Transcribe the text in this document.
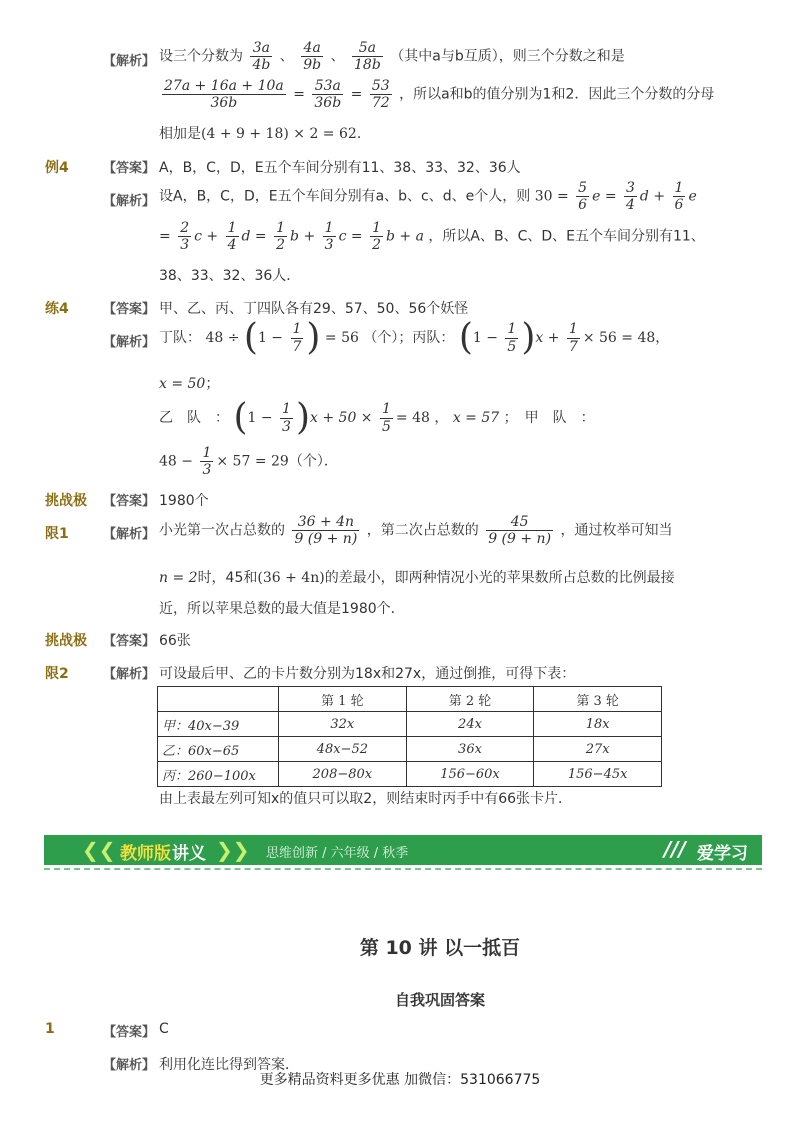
【解析】 设三个分数为 $\frac{3a}{4b}$ 、 $\frac{4a}{9b}$ 、 $\frac{5a}{18b}$ （其中a与b互质），则三个分数之和是
$\frac{27a + 16a + 10a}{36b} = \frac{53a}{36b} = \frac{53}{72}$ ，所以a和b的值分别为1和2．因此三个分数的分母
相加是(4 + 9 + 18) × 2 = 62．
例4	【答案】 A，B，C，D，E五个车间分别有11、38、33、32、36人
【解析】 设A，B，C，D，E五个车间分别有a、b、c、d、e个人，则 $30 = \frac{5}{6}$ $e = \frac{3}{4}$ $d + \frac{1}{6}$ e
= $\frac{2}{3}$ $c + \frac{1}{4}$ $d = \frac{1}{2}$ $b + \frac{1}{3}$ $c = \frac{1}{2}$ b + a ，所以A、B、C、D、E五个车间分别有11、
38、33、32、36人．
练4	【答案】 甲、乙、丙、丁四队各有29、57、50、56个妖怪
【解析】 丁队： $48 \div (1 - \frac{1}{7}$ ) = 56 （个）；丙队： $(1 - \frac{1}{5} )x + \frac{1}{7} \times 56 = 48$，
x = 50；
乙　队　： $(1 - \frac{1}{3} )x + 50 \times \frac{1}{5} = 48$ ， x = 57 ；　甲　队　：
$48 - \frac{1}{3} \times 57 = 29$（个）．
挑战极 【答案】 1980个
限1	【解析】 小光第一次占总数的 $\frac{36 + 4n}{9 (9 + n)}$ ，第二次占总数的 $\frac{45}{9 (9 + n)}$ ，通过枚举可知当
n = 2时，45和(36 + 4n)的差最小，即两种情况小光的苹果数所占总数的比例最接
近，所以苹果总数的最大值是1980个．
挑战极 【答案】 66张
限2	【解析】 可设最后甲、乙的卡片数分别为18x和27x，通过倒推，可得下表：
	第 1 轮	第 2 轮	第 3 轮
甲：40x−39	32x	24x	18x
乙：60x−65	48x−52	36x	27x
丙：260−100x	208−80x	156−60x	156−45x
由上表最左列可知x的值只可以取2，则结束时丙手中有66张卡片．
❮❮ 教师版 讲义 ❯❯ 思维创新 / 六年级 / 秋季	/// 爱学习
第 10 讲 以一抵百
自我巩固答案
1	【答案】 C
【解析】 利用化连比得到答案．
更多精品资料更多优惠 加微信：531066775
